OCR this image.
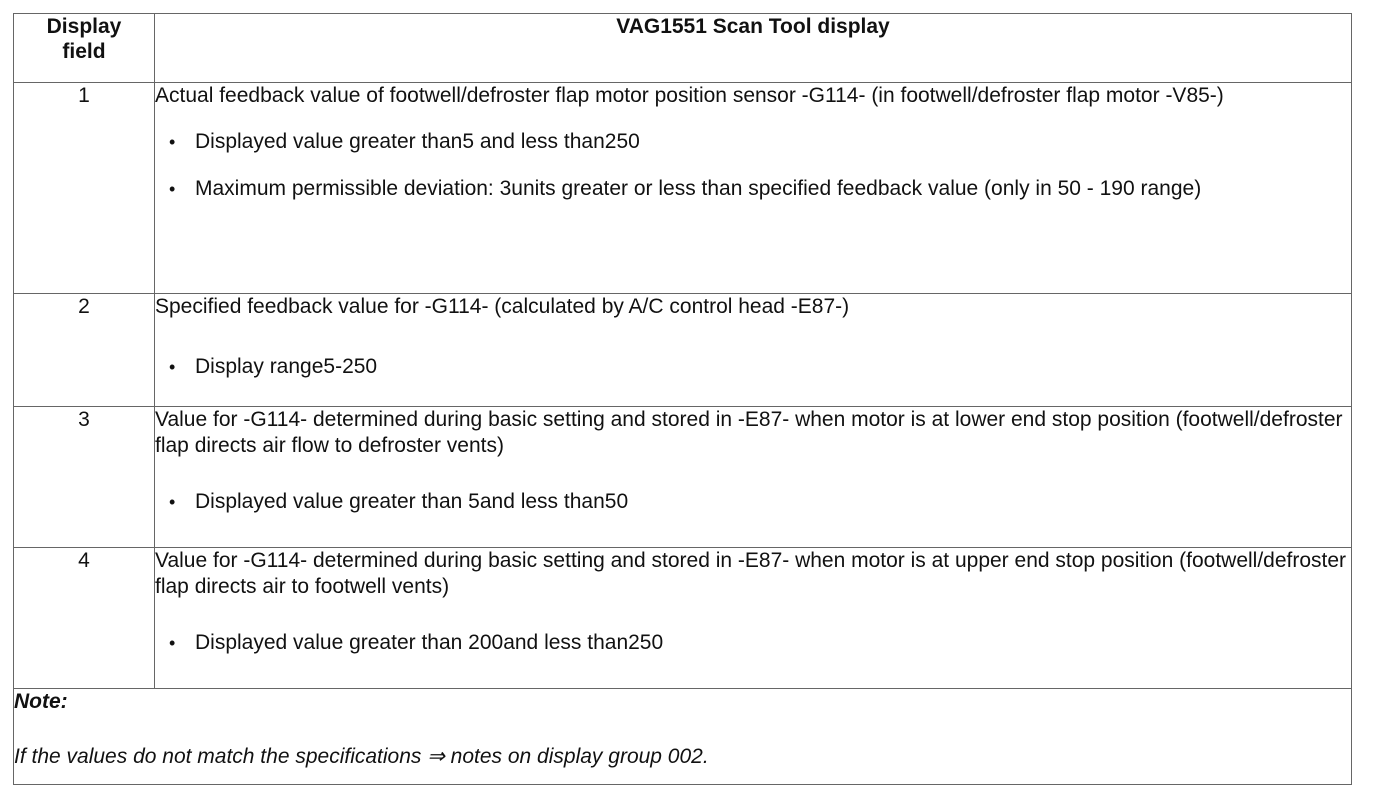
Display
field	VAG1551 Scan Tool display
1	Actual feedback value of footwell/defroster flap motor position sensor -G114- (in footwell/defroster flap motor -V85-)
• Displayed value greater than5 and less than250
• Maximum permissible deviation: 3units greater or less than specified feedback value (only in 50 - 190 range)

2	Specified feedback value for -G114- (calculated by A/C control head -E87-)
• Display range5-250

3	Value for -G114- determined during basic setting and stored in -E87- when motor is at lower end stop position (footwell/defroster flap directs air flow to defroster vents)
• Displayed value greater than 5and less than50

4	Value for -G114- determined during basic setting and stored in -E87- when motor is at upper end stop position (footwell/defroster flap directs air to footwell vents)
• Displayed value greater than 200and less than250

Note:
If the values do not match the specifications ⇒ notes on display group 002.	
